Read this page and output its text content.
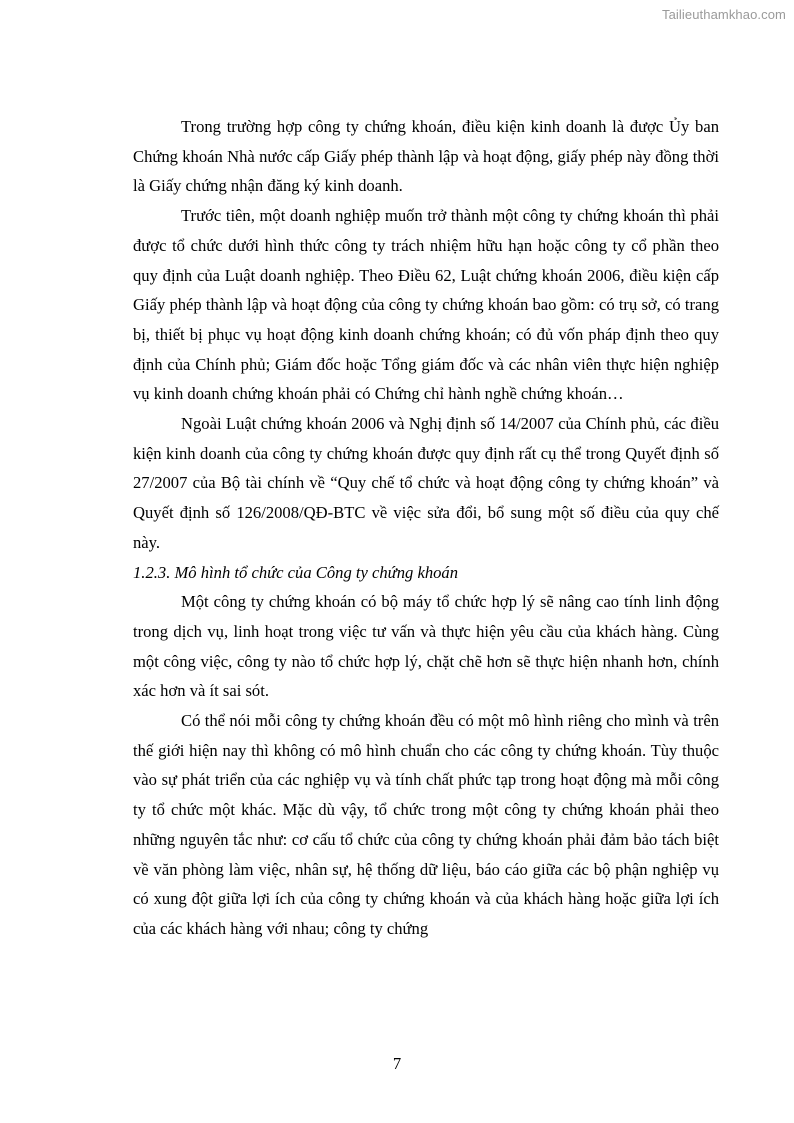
Tailieuthamkhao.com

Trong trường hợp công ty chứng khoán, điều kiện kinh doanh là được Ủy ban Chứng khoán Nhà nước cấp Giấy phép thành lập và hoạt động, giấy phép này đồng thời là Giấy chứng nhận đăng ký kinh doanh.

Trước tiên, một doanh nghiệp muốn trở thành một công ty chứng khoán thì phải được tổ chức dưới hình thức công ty trách nhiệm hữu hạn hoặc công ty cổ phần theo quy định của Luật doanh nghiệp. Theo Điều 62, Luật chứng khoán 2006, điều kiện cấp Giấy phép thành lập và hoạt động của công ty chứng khoán bao gồm: có trụ sở, có trang bị, thiết bị phục vụ hoạt động kinh doanh chứng khoán; có đủ vốn pháp định theo quy định của Chính phủ; Giám đốc hoặc Tổng giám đốc và các nhân viên thực hiện nghiệp vụ kinh doanh chứng khoán phải có Chứng chỉ hành nghề chứng khoán…

Ngoài Luật chứng khoán 2006 và Nghị định số 14/2007 của Chính phủ, các điều kiện kinh doanh của công ty chứng khoán được quy định rất cụ thể trong Quyết định số 27/2007 của Bộ tài chính về “Quy chế tổ chức và hoạt động công ty chứng khoán” và Quyết định số 126/2008/QĐ-BTC về việc sửa đổi, bổ sung một số điều của quy chế này.

1.2.3. Mô hình tổ chức của Công ty chứng khoán

Một công ty chứng khoán có bộ máy tổ chức hợp lý sẽ nâng cao tính linh động trong dịch vụ, linh hoạt trong việc tư vấn và thực hiện yêu cầu của khách hàng. Cùng một công việc, công ty nào tổ chức hợp lý, chặt chẽ hơn sẽ thực hiện nhanh hơn, chính xác hơn và ít sai sót.

Có thể nói mỗi công ty chứng khoán đều có một mô hình riêng cho mình và trên thế giới hiện nay thì không có mô hình chuẩn cho các công ty chứng khoán. Tùy thuộc vào sự phát triển của các nghiệp vụ và tính chất phức tạp trong hoạt động mà mỗi công ty tổ chức một khác. Mặc dù vậy, tổ chức trong một công ty chứng khoán phải theo những nguyên tắc như: cơ cấu tổ chức của công ty chứng khoán phải đảm bảo tách biệt về văn phòng làm việc, nhân sự, hệ thống dữ liệu, báo cáo giữa các bộ phận nghiệp vụ có xung đột giữa lợi ích của công ty chứng khoán và của khách hàng hoặc giữa lợi ích của các khách hàng với nhau; công ty chứng

7
